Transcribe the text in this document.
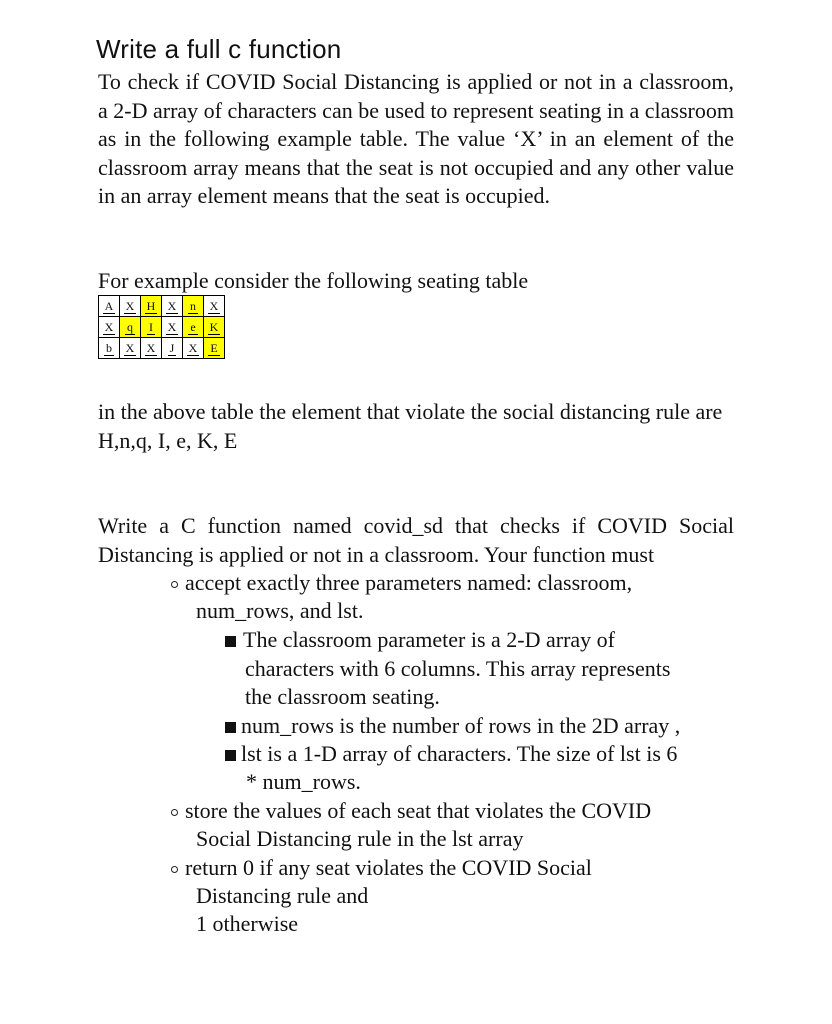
Write a full c function

To check if COVID Social Distancing is applied or not in a classroom, a 2-D array of characters can be used to represent seating in a classroom as in the following example table. The value ‘X’ in an element of the classroom array means that the seat is not occupied and any other value in an array element means that the seat is occupied.

For example consider the following seating table

A	X	H	X	n	X
X	q	I	X	e	K
b	X	X	J	X	E

in the above table the element that violate the social distancing rule are
H,n,q, I, e, K, E

Write a C function named covid_sd that checks if COVID Social Distancing is applied or not in a classroom. Your function must

accept exactly three parameters named: classroom,

num_rows, and lst.

The classroom parameter is a 2-D array of

characters with 6 columns. This array represents

the classroom seating.

num_rows is the number of rows in the 2D array ,

lst is a 1-D array of characters. The size of lst is 6

* num_rows.

store the values of each seat that violates the COVID

Social Distancing rule in the lst array

return 0 if any seat violates the COVID Social

Distancing rule and

1 otherwise
